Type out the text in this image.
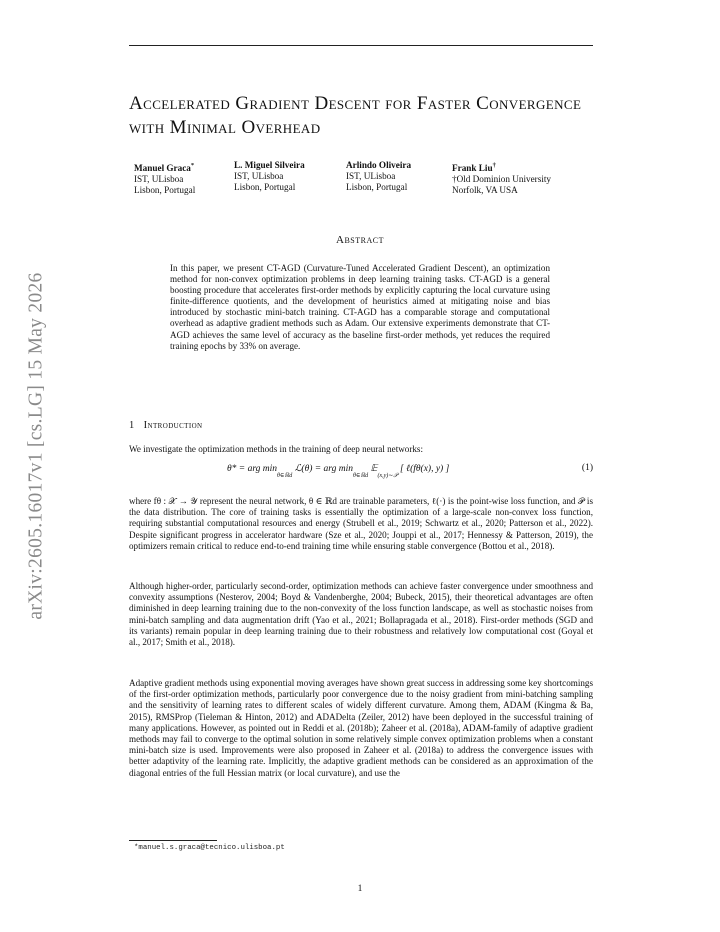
arXiv:2605.16017v1 [cs.LG] 15 May 2026
Accelerated Gradient Descent for Faster Convergence with Minimal Overhead
Manuel Graca*
IST, ULisboa
Lisbon, Portugal
L. Miguel Silveira
IST, ULisboa
Lisbon, Portugal
Arlindo Oliveira
IST, ULisboa
Lisbon, Portugal
Frank Liu†
†Old Dominion University
Norfolk, VA USA
Abstract

In this paper, we present CT-AGD (Curvature-Tuned Accelerated Gradient Descent), an optimization method for non-convex optimization problems in deep learning training tasks. CT-AGD is a general boosting procedure that accelerates first-order methods by explicitly capturing the local curvature using finite-difference quotients, and the development of heuristics aimed at mitigating noise and bias introduced by stochastic mini-batch training. CT-AGD has a comparable storage and computational overhead as adaptive gradient methods such as Adam. Our extensive experiments demonstrate that CT-AGD achieves the same level of accuracy as the baseline first-order methods, yet reduces the required training epochs by 33% on average.

1 Introduction

We investigate the optimization methods in the training of deep neural networks:

θ* = arg $\min_{\theta\in ℝd}$ ℒ(θ) = arg $\min_{\theta\in ℝd}$ 𝔼$_{(x,y)\sim 𝒫}$ [ ℓ(fθ(x), y) ]	(1)

where fθ : 𝒳 → 𝒴 represent the neural network, θ ∈ ℝd are trainable parameters, ℓ(·) is the point-wise loss function, and 𝒫 is the data distribution. The core of training tasks is essentially the optimization of a large-scale non-convex loss function, requiring substantial computational resources and energy (Strubell et al., 2019; Schwartz et al., 2020; Patterson et al., 2022). Despite significant progress in accelerator hardware (Sze et al., 2020; Jouppi et al., 2017; Hennessy & Patterson, 2019), the optimizers remain critical to reduce end-to-end training time while ensuring stable convergence (Bottou et al., 2018).

Although higher-order, particularly second-order, optimization methods can achieve faster convergence under smoothness and convexity assumptions (Nesterov, 2004; Boyd & Vandenberghe, 2004; Bubeck, 2015), their theoretical advantages are often diminished in deep learning training due to the non-convexity of the loss function landscape, as well as stochastic noises from mini-batch sampling and data augmentation drift (Yao et al., 2021; Bollapragada et al., 2018). First-order methods (SGD and its variants) remain popular in deep learning training due to their robustness and relatively low computational cost (Goyal et al., 2017; Smith et al., 2018).

Adaptive gradient methods using exponential moving averages have shown great success in addressing some key shortcomings of the first-order optimization methods, particularly poor convergence due to the noisy gradient from mini-batching sampling and the sensitivity of learning rates to different scales of widely different curvature. Among them, ADAM (Kingma & Ba, 2015), RMSProp (Tieleman & Hinton, 2012) and ADADelta (Zeiler, 2012) have been deployed in the successful training of many applications. However, as pointed out in Reddi et al. (2018b); Zaheer et al. (2018a), ADAM-family of adaptive gradient methods may fail to converge to the optimal solution in some relatively simple convex optimization problems when a constant mini-batch size is used. Improvements were also proposed in Zaheer et al. (2018a) to address the convergence issues with better adaptivity of the learning rate. Implicitly, the adaptive gradient methods can be considered as an approximation of the diagonal entries of the full Hessian matrix (or local curvature), and use the

*manuel.s.graca@tecnico.ulisboa.pt
1
